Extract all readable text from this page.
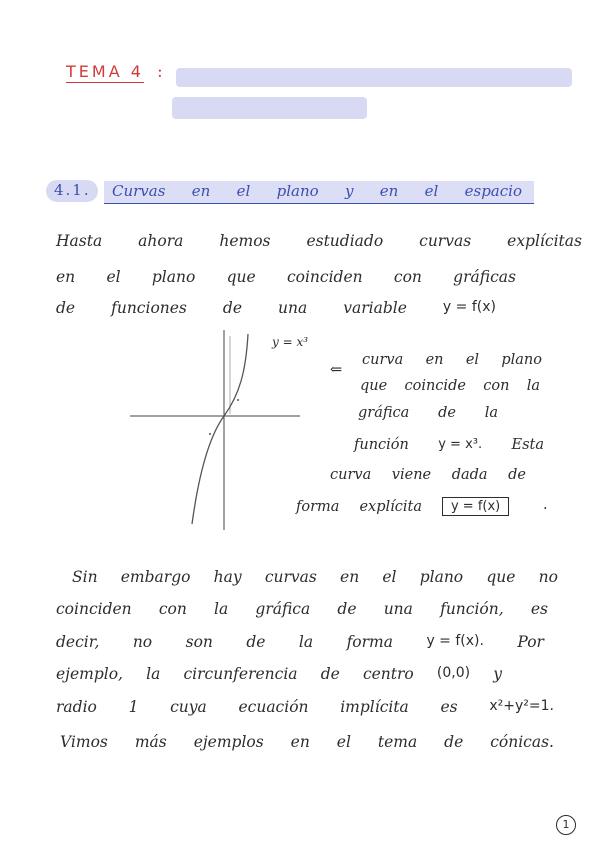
TEMA 4 :
4.1. Curvas en el plano y en el espacio
Hasta ahora hemos estudiado curvas explícitas
en el plano que coinciden con gráficas
de funciones de una variable	y = f(x)
y = x³
⇐
curva en el plano
que coincide con la
gráfica de la
función y = x³. Esta
curva viene dada de
forma explícita	y = f(x)	.
Sin embargo hay curvas en el plano que no
coinciden con la gráfica de una función, es
decir, no son de la forma y = f(x). Por
ejemplo, la circunferencia de centro (0,0) y
radio 1 cuya ecuación implícita es x²+y²=1.
Vimos más ejemplos en el tema de cónicas.
1
